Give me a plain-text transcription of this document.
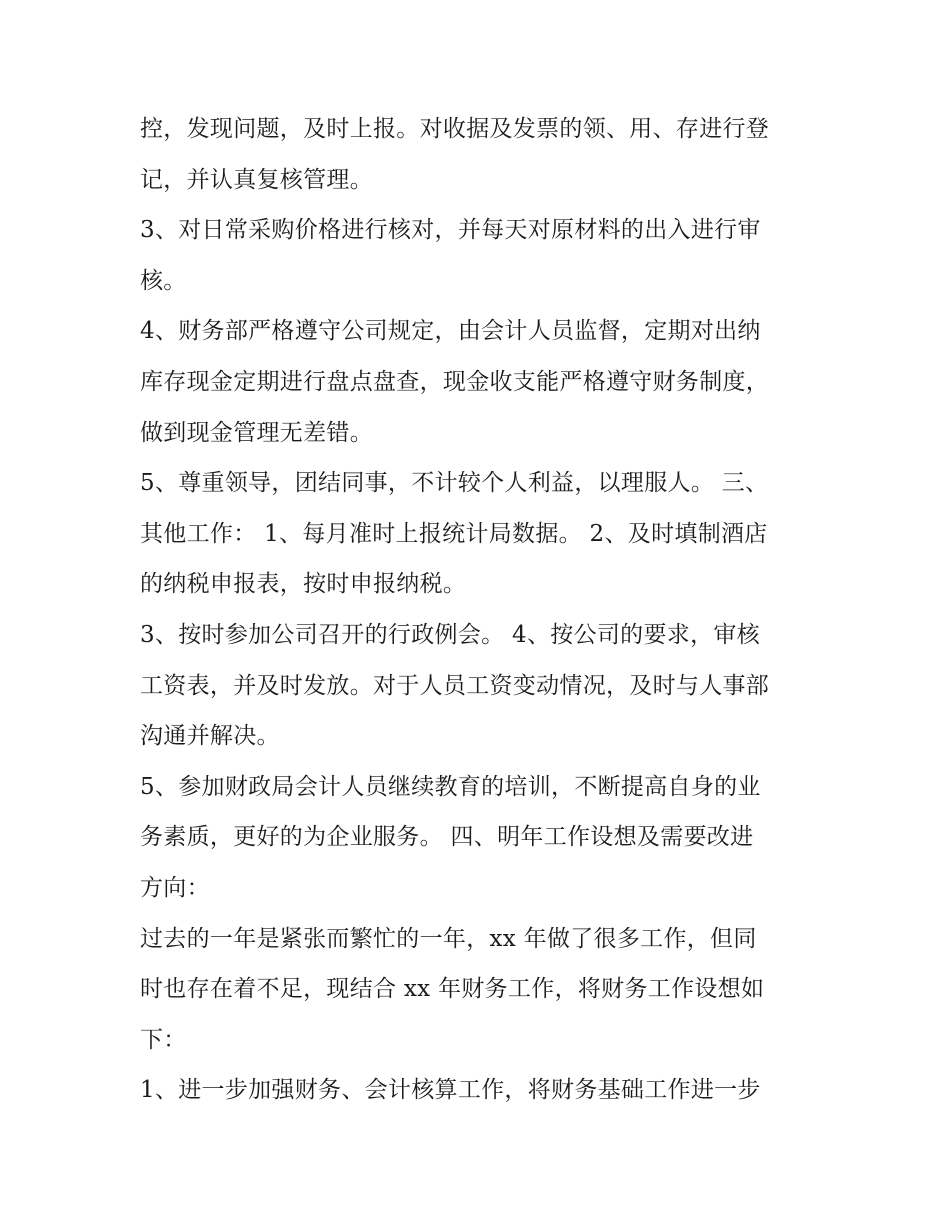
控，发现问题，及时上报。对收据及发票的领、用、存进行登
记，并认真复核管理。
3、对日常采购价格进行核对，并每天对原材料的出入进行审
核。
4、财务部严格遵守公司规定，由会计人员监督，定期对出纳
库存现金定期进行盘点盘查，现金收支能严格遵守财务制度，
做到现金管理无差错。
5、尊重领导，团结同事，不计较个人利益，以理服人。 三、
其他工作： 1、每月准时上报统计局数据。 2、及时填制酒店
的纳税申报表，按时申报纳税。
3、按时参加公司召开的行政例会。 4、按公司的要求，审核
工资表，并及时发放。对于人员工资变动情况，及时与人事部
沟通并解决。
5、参加财政局会计人员继续教育的培训，不断提高自身的业
务素质，更好的为企业服务。 四、明年工作设想及需要改进
方向：
过去的一年是紧张而繁忙的一年，xx 年做了很多工作，但同
时也存在着不足，现结合 xx 年财务工作，将财务工作设想如
下：
1、进一步加强财务、会计核算工作，将财务基础工作进一步
